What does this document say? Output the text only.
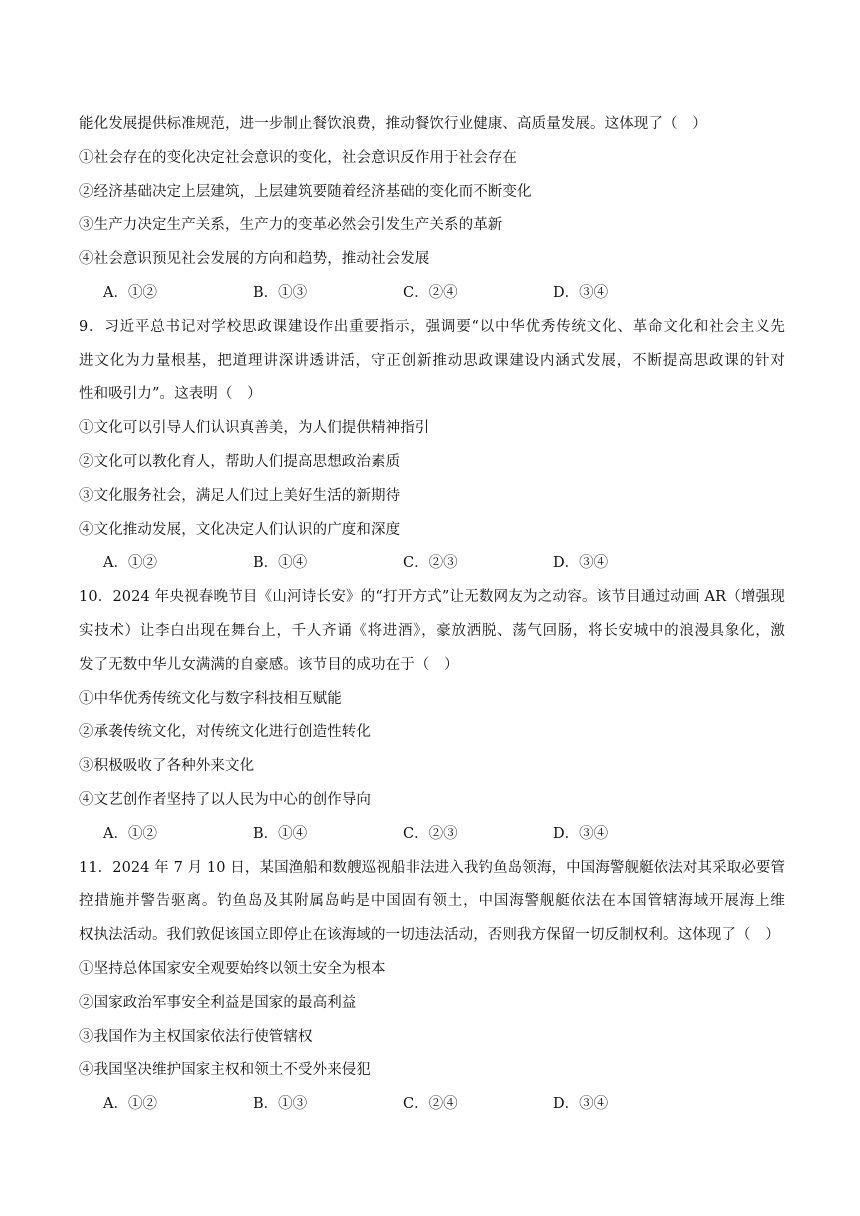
能化发展提供标准规范，进一步制止餐饮浪费，推动餐饮行业健康、高质量发展。这体现了（　）
①社会存在的变化决定社会意识的变化，社会意识反作用于社会存在
②经济基础决定上层建筑，上层建筑要随着经济基础的变化而不断变化
③生产力决定生产关系，生产力的变革必然会引发生产关系的革新
④社会意识预见社会发展的方向和趋势，推动社会发展
A．①②	B．①③	C．②④	D．③④
9．习近平总书记对学校思政课建设作出重要指示，强调要“以中华优秀传统文化、革命文化和社会主义先
进文化为力量根基，把道理讲深讲透讲活，守正创新推动思政课建设内涵式发展，不断提高思政课的针对
性和吸引力”。这表明（　）
①文化可以引导人们认识真善美，为人们提供精神指引
②文化可以教化育人，帮助人们提高思想政治素质
③文化服务社会，满足人们过上美好生活的新期待
④文化推动发展，文化决定人们认识的广度和深度
A．①②	B．①④	C．②③	D．③④
10．2024 年央视春晚节目《山河诗长安》的“打开方式”让无数网友为之动容。该节目通过动画 AR（增强现
实技术）让李白出现在舞台上，千人齐诵《将进酒》，豪放洒脱、荡气回肠，将长安城中的浪漫具象化，激
发了无数中华儿女满满的自豪感。该节目的成功在于（　）
①中华优秀传统文化与数字科技相互赋能
②承袭传统文化，对传统文化进行创造性转化
③积极吸收了各种外来文化
④文艺创作者坚持了以人民为中心的创作导向
A．①②	B．①④	C．②③	D．③④
11．2024 年 7 月 10 日，某国渔船和数艘巡视船非法进入我钓鱼岛领海，中国海警舰艇依法对其采取必要管
控措施并警告驱离。钓鱼岛及其附属岛屿是中国固有领土，中国海警舰艇依法在本国管辖海域开展海上维
权执法活动。我们敦促该国立即停止在该海域的一切违法活动，否则我方保留一切反制权利。这体现了（　）
①坚持总体国家安全观要始终以领土安全为根本
②国家政治军事安全利益是国家的最高利益
③我国作为主权国家依法行使管辖权
④我国坚决维护国家主权和领土不受外来侵犯
A．①②	B．①③	C．②④	D．③④
